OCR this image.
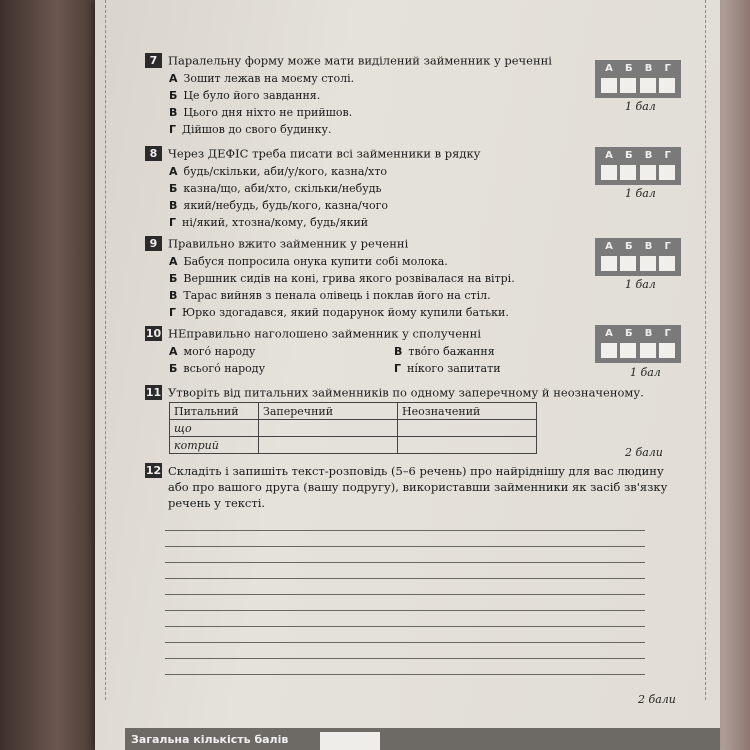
7 Паралельну форму може мати виділений займенник у реченні
А Зошит лежав на моєму столі.
Б Це було його завдання.
В Цього дня ніхто не прийшов.
Г Дійшов до свого будинку.
А Б В Г
1 бал
8 Через ДЕФІС треба писати всі займенники в рядку
А будь/скільки, аби/у/кого, казна/хто
Б казна/що, аби/хто, скільки/небудь
В який/небудь, будь/кого, казна/чого
Г ні/який, хтозна/кому, будь/який
А Б В Г
1 бал
9 Правильно вжито займенник у реченні
А Бабуся попросила онука купити собі молока.
Б Вершник сидів на коні, грива якого розвівалася на вітрі.
В Тарас вийняв з пенала олівець і поклав його на стіл.
Г Юрко здогадався, який подарунок йому купили батьки.
А Б В Г
1 бал
10 НЕправильно наголошено займенник у сполученні
А мого́ народу	В тво́го бажання
Б всього́ народу	Г ні́кого запитати
А Б В Г
1 бал
11 Утворіть від питальних займенників по одному заперечному й неозначеному.
Питальний	Заперечний	Неозначений
що		
котрий		
2 бали
12 Складіть і запишіть текст-розповідь (5–6 речень) про найріднішу для вас людину або про вашого друга (вашу подругу), використавши займенники як засіб зв'язку речень у тексті.
2 бали
Загальна кількість балів
